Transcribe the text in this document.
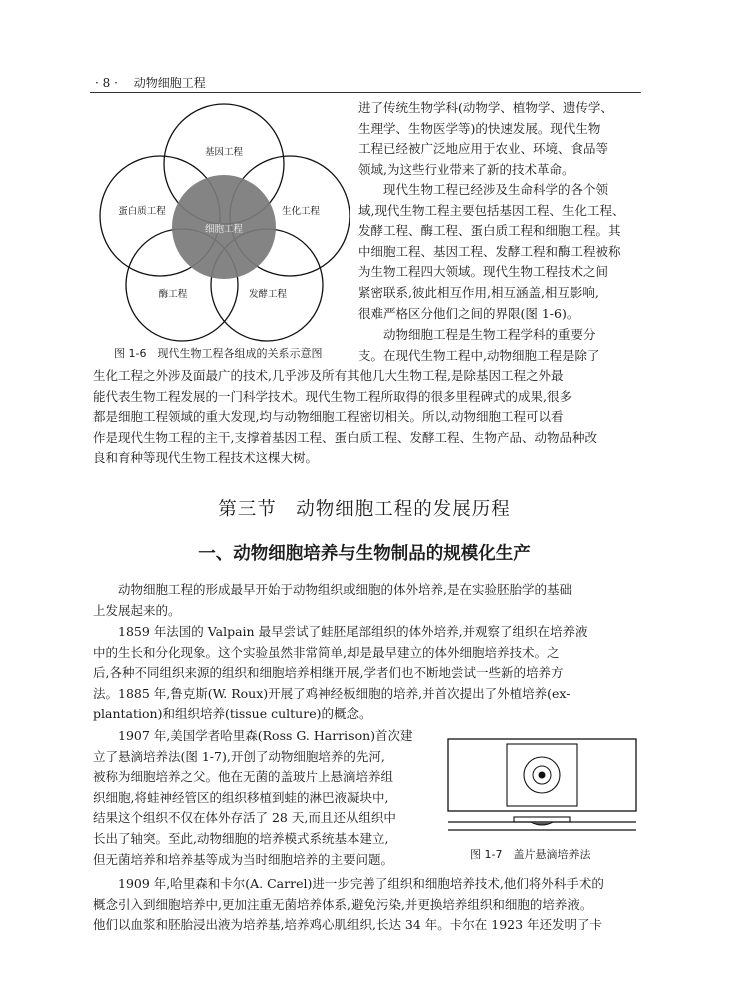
· 8 · 动物细胞工程
基因工程
蛋白质工程	生化工程
酶工程	发酵工程
细胞工程
图 1-6　现代生物工程各组成的关系示意图
进了传统生物学科(动物学、植物学、遗传学、
生理学、生物医学等)的快速发展。现代生物
工程已经被广泛地应用于农业、环境、食品等
领域,为这些行业带来了新的技术革命。
现代生物工程已经涉及生命科学的各个领
域,现代生物工程主要包括基因工程、生化工程、
发酵工程、酶工程、蛋白质工程和细胞工程。其
中细胞工程、基因工程、发酵工程和酶工程被称
为生物工程四大领域。现代生物工程技术之间
紧密联系,彼此相互作用,相互涵盖,相互影响,
很难严格区分他们之间的界限(图 1-6)。
动物细胞工程是生物工程学科的重要分
支。在现代生物工程中,动物细胞工程是除了
生化工程之外涉及面最广的技术,几乎涉及所有其他几大生物工程,是除基因工程之外最
能代表生物工程发展的一门科学技术。现代生物工程所取得的很多里程碑式的成果,很多
都是细胞工程领域的重大发现,均与动物细胞工程密切相关。所以,动物细胞工程可以看
作是现代生物工程的主干,支撑着基因工程、蛋白质工程、发酵工程、生物产品、动物品种改
良和育种等现代生物工程技术这棵大树。
第三节　动物细胞工程的发展历程
一、动物细胞培养与生物制品的规模化生产
动物细胞工程的形成最早开始于动物组织或细胞的体外培养,是在实验胚胎学的基础
上发展起来的。
1859 年法国的 Valpain 最早尝试了蛙胚尾部组织的体外培养,并观察了组织在培养液
中的生长和分化现象。这个实验虽然非常简单,却是最早建立的体外细胞培养技术。之
后,各种不同组织来源的组织和细胞培养相继开展,学者们也不断地尝试一些新的培养方
法。1885 年,鲁克斯(W. Roux)开展了鸡神经板细胞的培养,并首次提出了外植培养(ex-
plantation)和组织培养(tissue culture)的概念。
1907 年,美国学者哈里森(Ross G. Harrison)首次建
立了悬滴培养法(图 1-7),开创了动物细胞培养的先河,
被称为细胞培养之父。他在无菌的盖玻片上悬滴培养组
织细胞,将蛙神经管区的组织移植到蛙的淋巴液凝块中,
结果这个组织不仅在体外存活了 28 天,而且还从组织中
长出了轴突。至此,动物细胞的培养模式系统基本建立,
但无菌培养和培养基等成为当时细胞培养的主要问题。	图 1-7　盖片悬滴培养法
1909 年,哈里森和卡尔(A. Carrel)进一步完善了组织和细胞培养技术,他们将外科手术的
概念引入到细胞培养中,更加注重无菌培养体系,避免污染,并更换培养组织和细胞的培养液。
他们以血浆和胚胎浸出液为培养基,培养鸡心肌组织,长达 34 年。卡尔在 1923 年还发明了卡
